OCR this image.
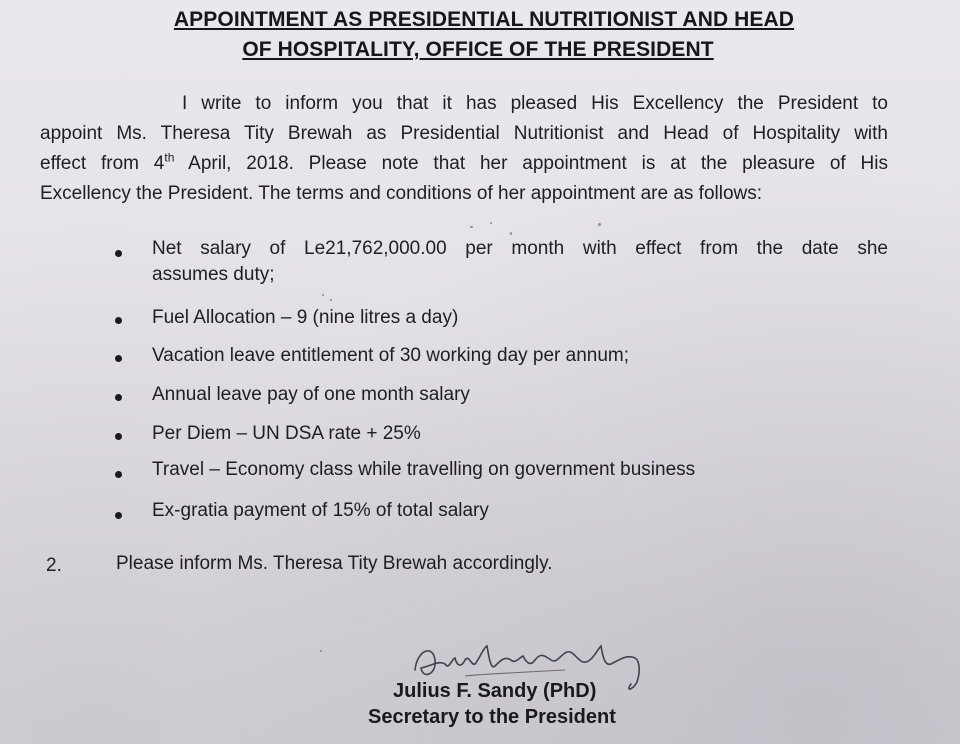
APPOINTMENT AS PRESIDENTIAL NUTRITIONIST AND HEAD
OF HOSPITALITY, OFFICE OF THE PRESIDENT
I write to inform you that it has pleased His Excellency the President to
appoint Ms. Theresa Tity Brewah as Presidential Nutritionist and Head of Hospitality with
effect from 4th April, 2018. Please note that her appointment is at the pleasure of His
Excellency the President. The terms and conditions of her appointment are as follows:
Net salary of Le21,762,000.00 per month with effect from the date she
assumes duty;
Fuel Allocation – 9 (nine litres a day)
Vacation leave entitlement of 30 working day per annum;
Annual leave pay of one month salary
Per Diem – UN DSA rate + 25%
Travel – Economy class while travelling on government business
Ex-gratia payment of 15% of total salary
2.	Please inform Ms. Theresa Tity Brewah accordingly.
Julius F. Sandy (PhD)
Secretary to the President
